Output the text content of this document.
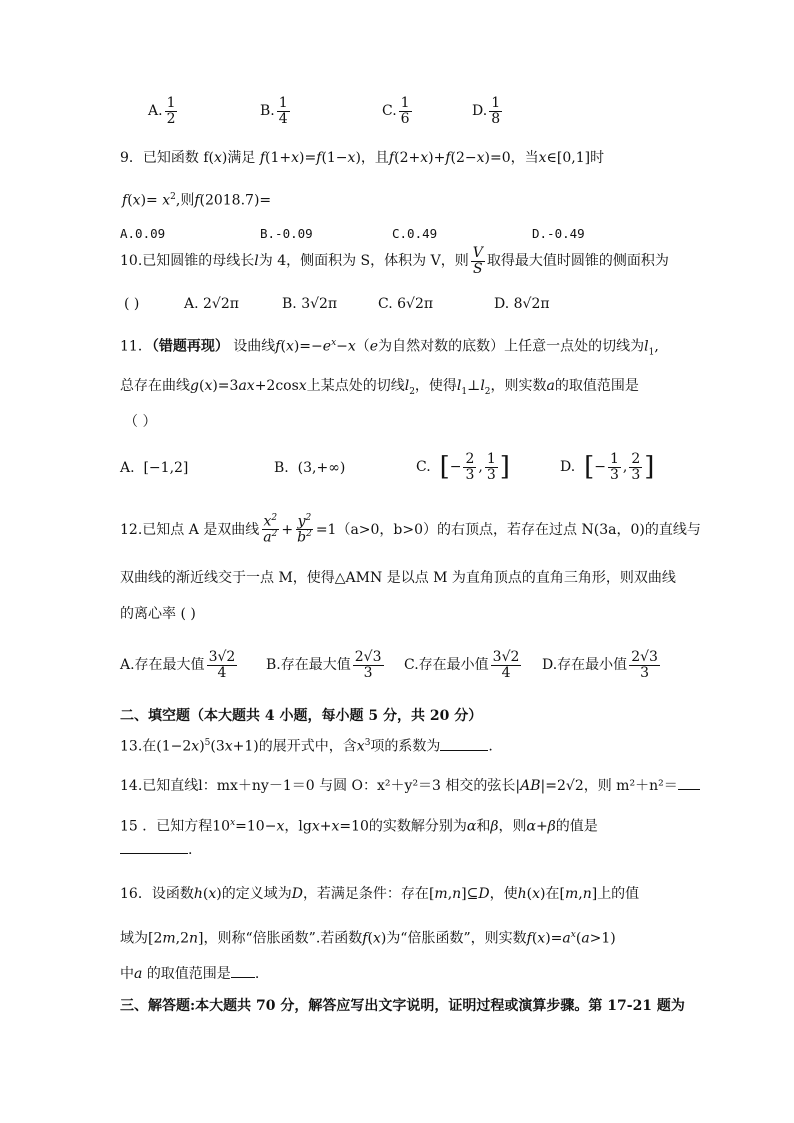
A. $\frac{1}{2}$	B. $\frac{1}{4}$	C. $\frac{1}{6}$	D. $\frac{1}{8}$
9．已知函数 f(x)满足 f(1+x)=f(1−x)，且f(2+x)+f(2−x)=0，当x∈[0,1]时
$f(x)= x^2$,则f(2018.7)=
A.0.09	B.-0.09	C.0.49	D.-0.49
10.已知圆锥的母线长l为 4，侧面积为 S，体积为 V，则 $\frac{V}{S}$ 取得最大值时圆锥的侧面积为
( )	A. 2√2π	B. 3√2π	C. 6√2π	D. 8√2π
11．（错题再现） 设曲线$f(x)=-e^x-x(e$为自然对数的底数）上任意一点处的切线为$l_1$,
总存在曲线g(x)=3ax+2cosx上某点处的切线$l_2$，使得$l_1\perp l_2$，则实数a的取值范围是
（ ）
A.  [−1,2]	B.  (3,+∞)	C. [− $\frac{2}{3}$ , $\frac{1}{3}$ ]	D. [− $\frac{1}{3}$ , $\frac{2}{3}$ ]
12.已知点 A 是双曲线 $\frac{x^2}{a^2} + \frac{y^2}{b^2} =1(a>0$，b>0）的右顶点，若存在过点 N(3a，0)的直线与
双曲线的渐近线交于一点 M，使得△AMN 是以点 M 为直角顶点的直角三角形，则双曲线
的离心率 ( )
A.存在最大值 $\frac{3√2}{4} B$.存在最大值 $\frac{2√3}{3} C$.存在最小值 $\frac{3√2}{4} D$.存在最小值 $\frac{2√3}{3}$
二、填空题（本大题共 4 小题，每小题 5 分，共 20 分）
13.在$(1-2x)^5(3x+1)$的展开式中，含$x^3$项的系数为	.
14.已知直线l：mx＋ny－1＝0 与圆 O：x²＋y²＝3 相交的弦长|AB|=2√2，则 m²＋n²＝
15 ．已知方程$10^x=10-x$，lgx+x=10的实数解分别为α和β，则α+β的值是
.
16．设函数h(x)的定义域为D，若满足条件：存在[m,n]⊆D，使h(x)在[m,n]上的值
域为[2m,2n]，则称“倍胀函数”.若函数f(x)为“倍胀函数”，则实数$f(x)=a^x(a>1)$
中a 的取值范围是 .
三、解答题:本大题共 70 分，解答应写出文字说明，证明过程或演算步骤。第 17-21 题为
